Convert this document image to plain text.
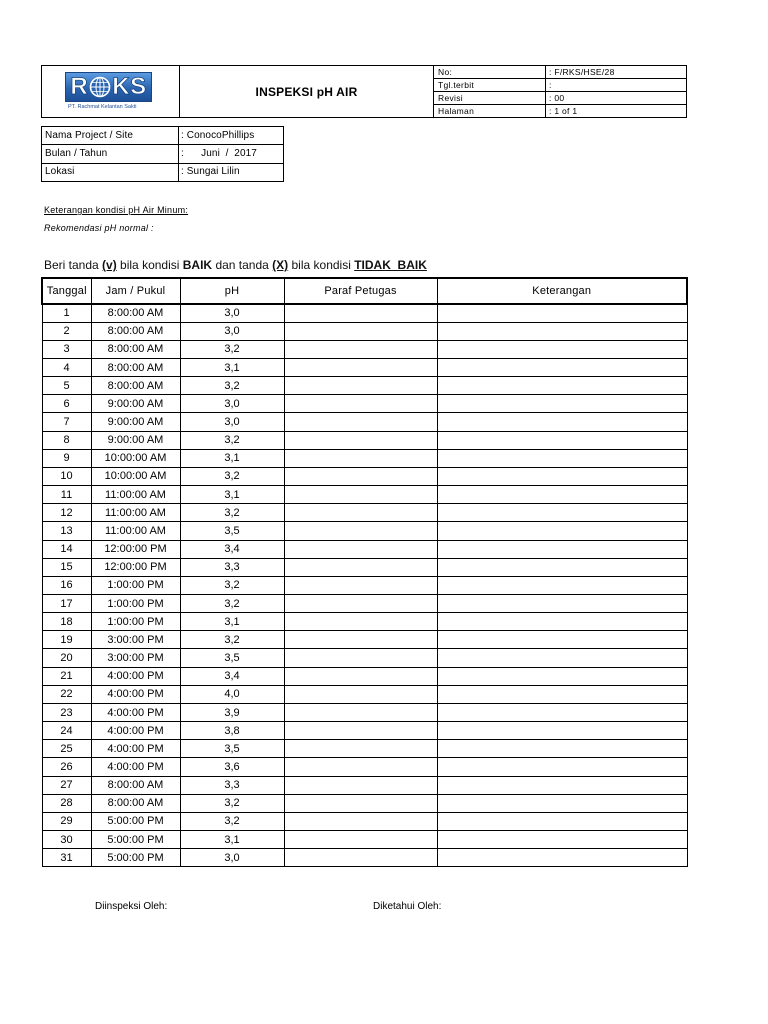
R KS
PT. Rachmat Kelantan Sakti	INSPEKSI pH AIR	No:	: F/RKS/HSE/28
		Tgl.terbit	:
		Revisi	: 00
		Halaman	: 1 of 1
Nama Project / Site	: ConocoPhillips
Bulan / Tahun	:      Juni  /  2017
Lokasi	: Sungai Lilin
Keterangan kondisi pH Air Minum:
Rekomendasi pH normal :
Beri tanda (v) bila kondisi BAIK dan tanda (X) bila kondisi TIDAK  BAIK
Tanggal	Jam / Pukul	pH	Paraf Petugas	Keterangan
1	8:00:00 AM	3,0		
2	8:00:00 AM	3,0		
3	8:00:00 AM	3,2		
4	8:00:00 AM	3,1		
5	8:00:00 AM	3,2		
6	9:00:00 AM	3,0		
7	9:00:00 AM	3,0		
8	9:00:00 AM	3,2		
9	10:00:00 AM	3,1		
10	10:00:00 AM	3,2		
11	11:00:00 AM	3,1		
12	11:00:00 AM	3,2		
13	11:00:00 AM	3,5		
14	12:00:00 PM	3,4		
15	12:00:00 PM	3,3		
16	1:00:00 PM	3,2		
17	1:00:00 PM	3,2		
18	1:00:00 PM	3,1		
19	3:00:00 PM	3,2		
20	3:00:00 PM	3,5		
21	4:00:00 PM	3,4		
22	4:00:00 PM	4,0		
23	4:00:00 PM	3,9		
24	4:00:00 PM	3,8		
25	4:00:00 PM	3,5		
26	4:00:00 PM	3,6		
27	8:00:00 AM	3,3		
28	8:00:00 AM	3,2		
29	5:00:00 PM	3,2		
30	5:00:00 PM	3,1		
31	5:00:00 PM	3,0		
Diinspeksi Oleh:	Diketahui Oleh:
